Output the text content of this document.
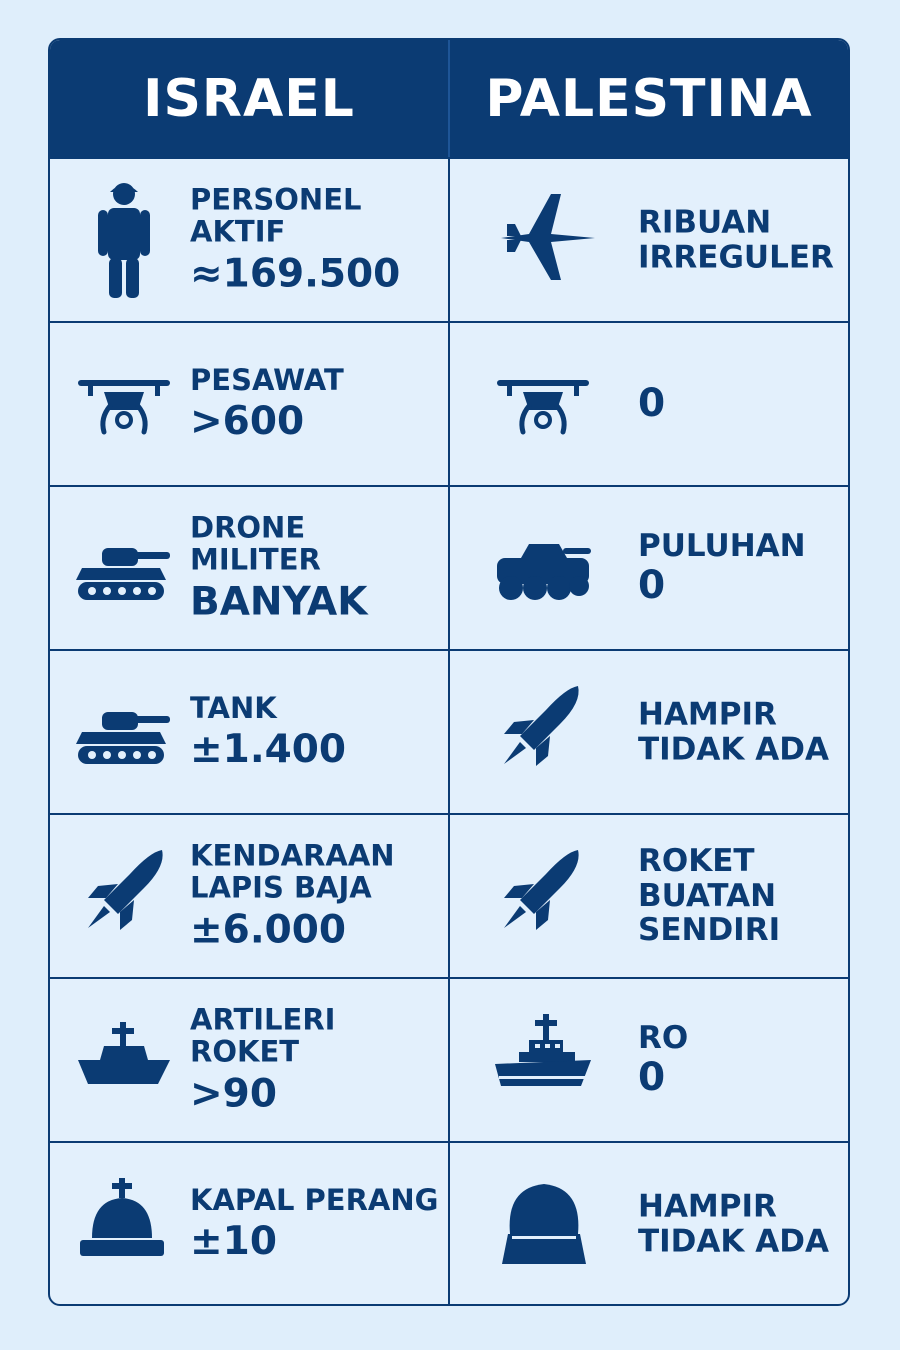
ISRAEL	PALESTINA
PERSONEL AKTIF
≈169.500
RIBUAN
IRREGULER
PESAWAT
>600	0
DRONE MILITER
BANYAK
PULUHAN
0
TANK
±1.400
HAMPIR
TIDAK ADA
KENDARAAN
LAPIS BAJA
±6.000
ROKET
BUATAN
SENDIRI
ARTILERI ROKET
>90
RO
0
KAPAL PERANG
±10
HAMPIR
TIDAK ADA
